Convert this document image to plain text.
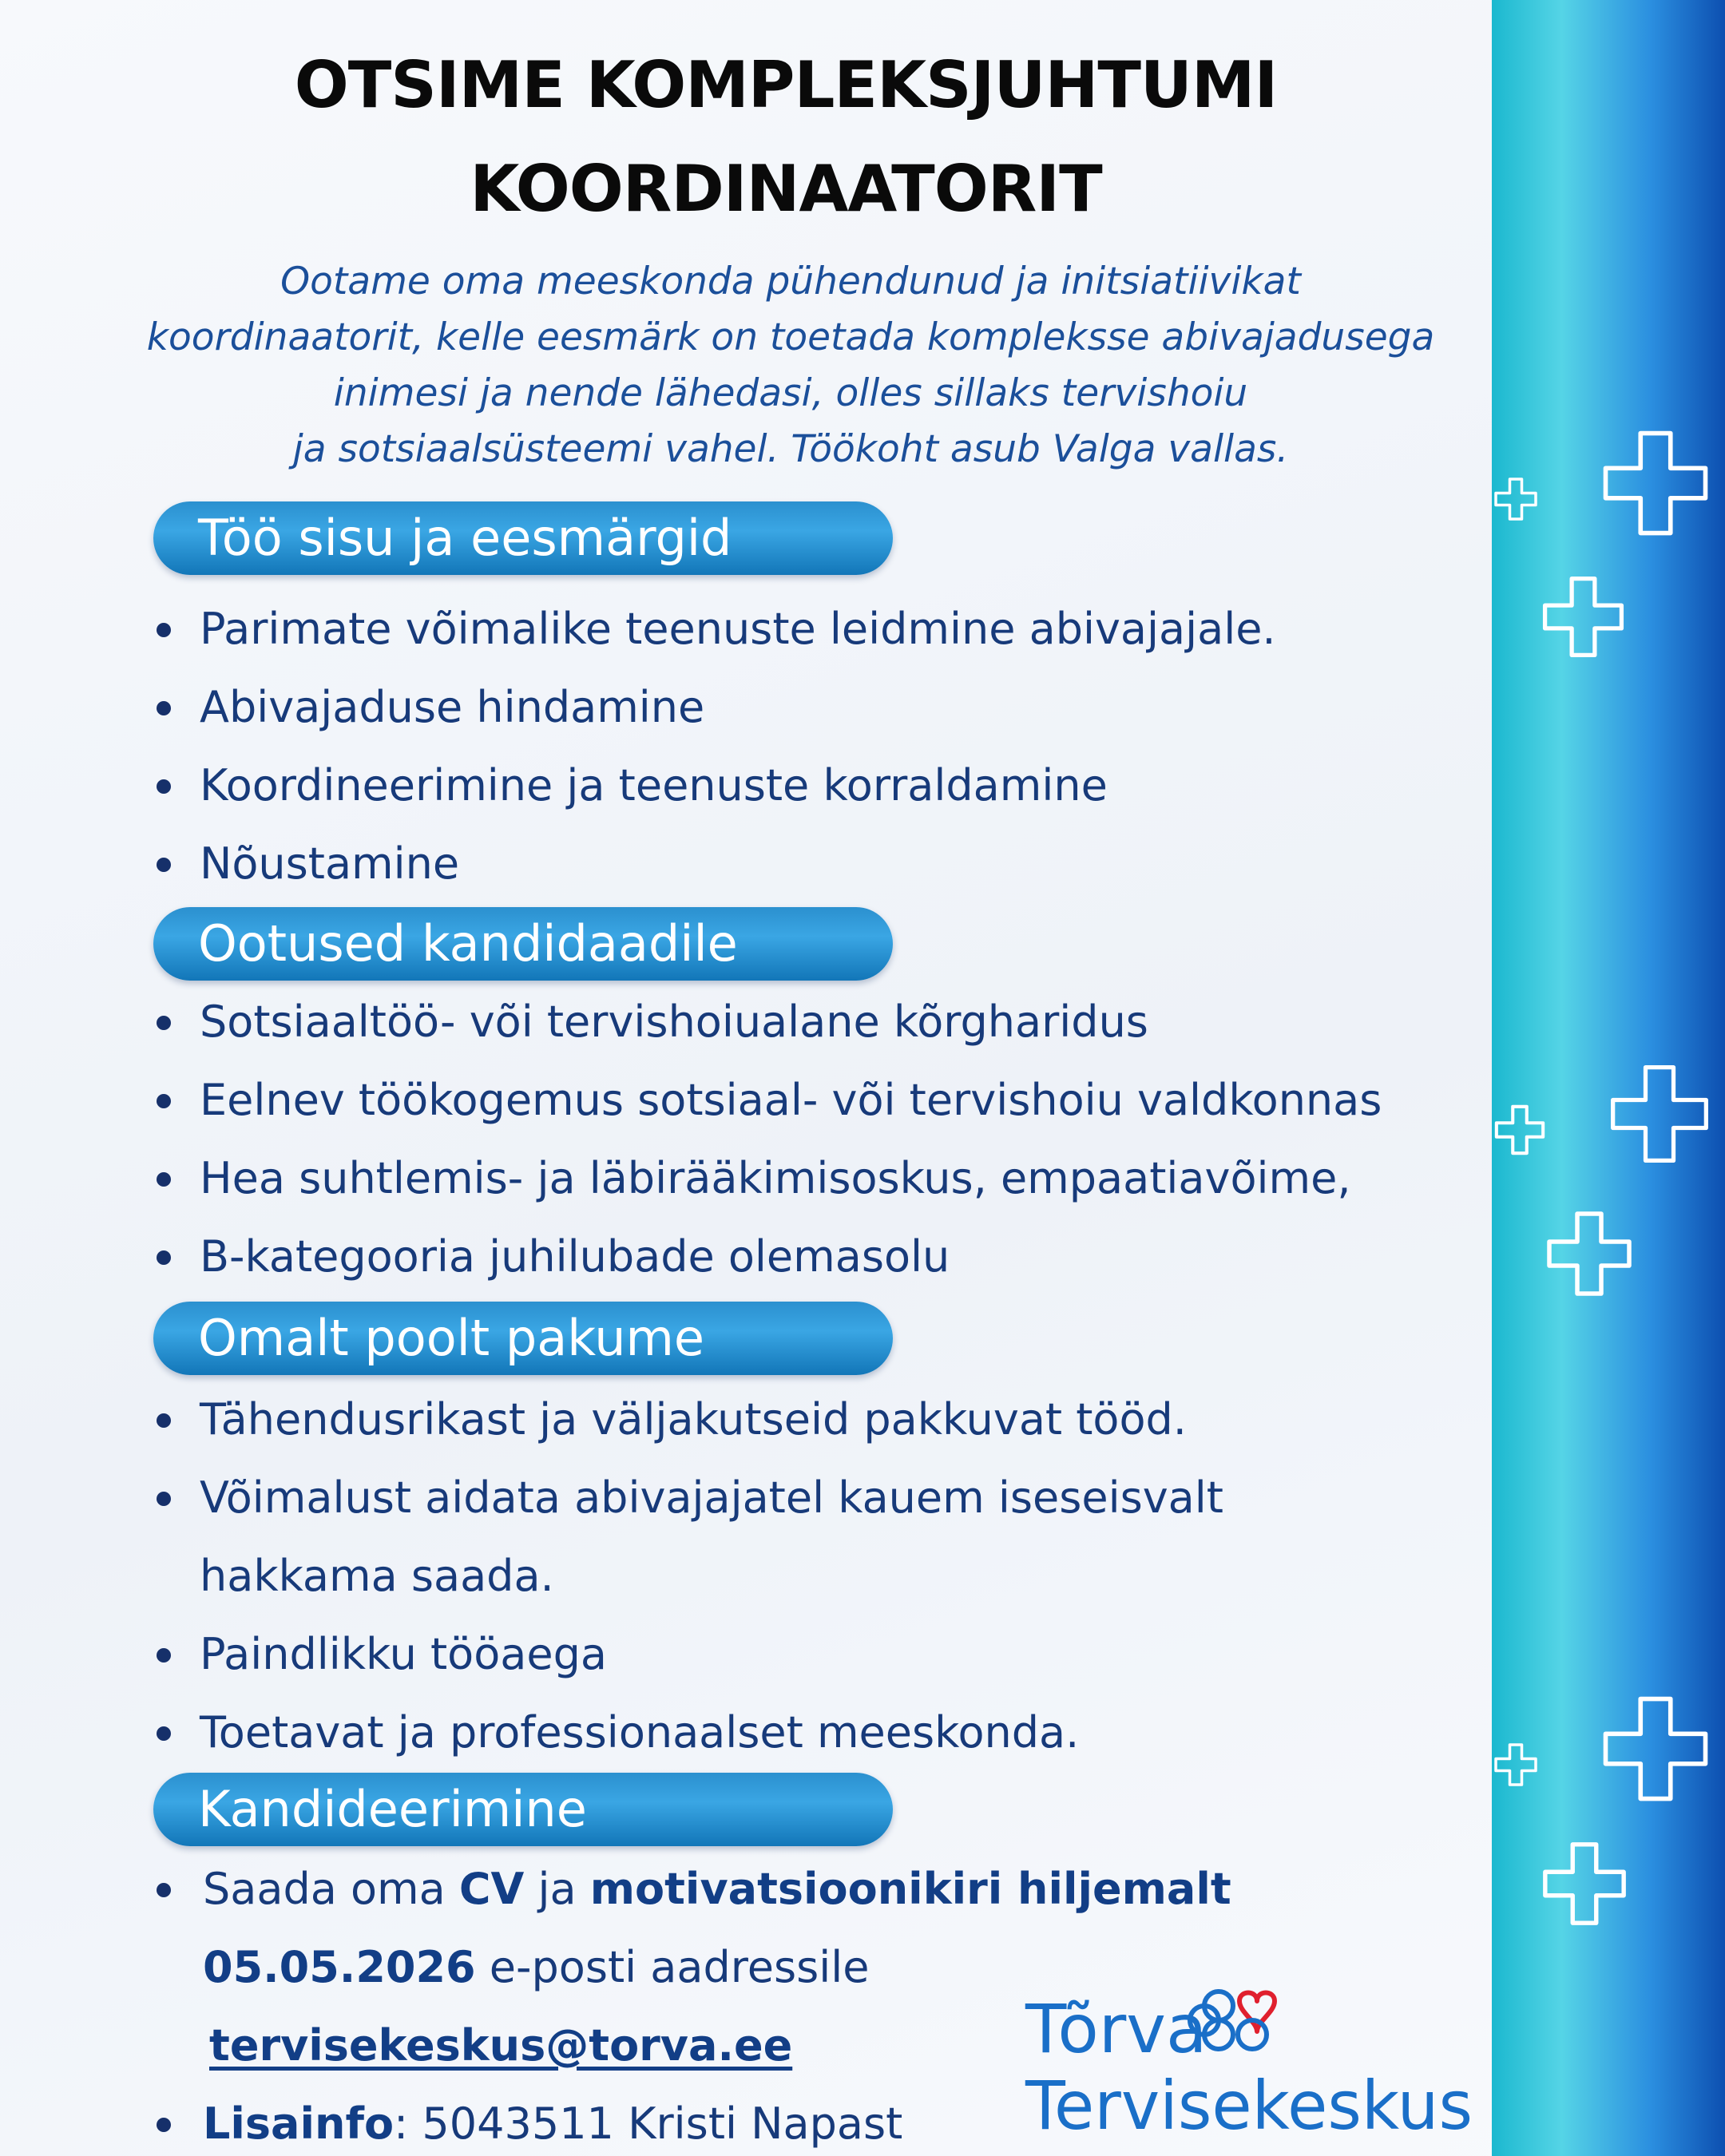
OTSIME KOMPLEKSJUHTUMI
KOORDINAATORIT
Ootame oma meeskonda pühendunud ja initsiatiivikat
koordinaatorit, kelle eesmärk on toetada kompleksse abivajadusega
inimesi ja nende lähedasi, olles sillaks tervishoiu
ja sotsiaalsüsteemi vahel. Töökoht asub Valga vallas.
Töö sisu ja eesmärgid
Parimate võimalike teenuste leidmine abivajajale.
Abivajaduse hindamine
Koordineerimine ja teenuste korraldamine
Nõustamine
Ootused kandidaadile
Sotsiaaltöö- või tervishoiualane kõrgharidus
Eelnev töökogemus sotsiaal- või tervishoiu valdkonnas
Hea suhtlemis- ja läbirääkimisoskus, empaatiavõime,
B-kategooria juhilubade olemasolu
Omalt poolt pakume
Tähendusrikast ja väljakutseid pakkuvat tööd.
Võimalust aidata abivajajatel kauem iseseisvalt
hakkama saada.
Paindlikku tööaega
Toetavat ja professionaalset meeskonda.
Kandideerimine
Saada oma CV ja motivatsioonikiri hiljemalt
05.05.2026 e-posti aadressile
tervisekeskus@torva.ee
Lisainfo: 5043511 Kristi Napast
Tõrva
Tervisekeskus
